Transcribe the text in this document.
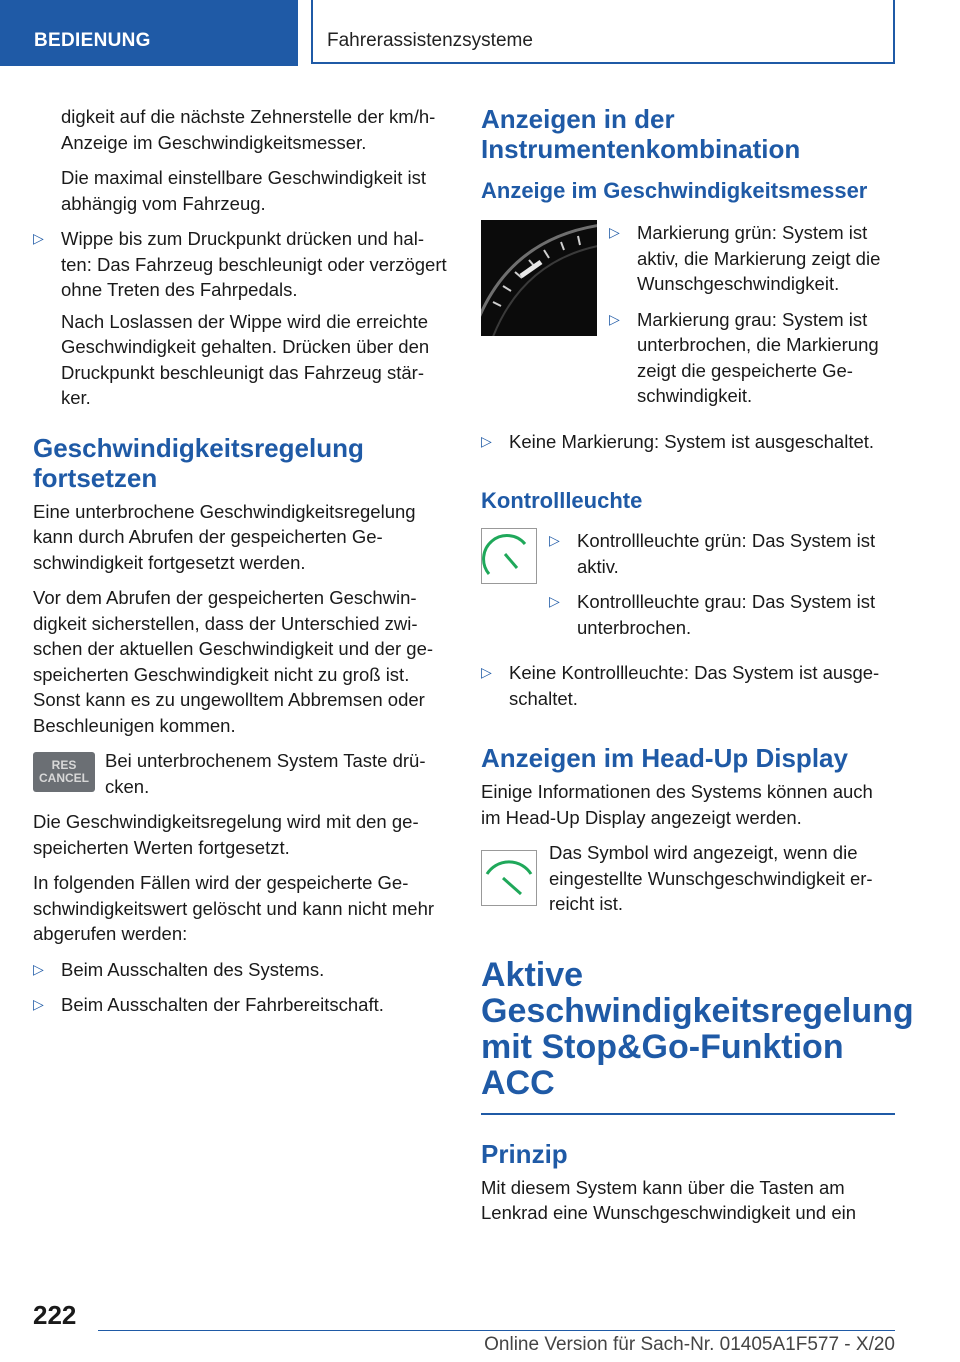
BEDIENUNG	Fahrerassistenzsysteme

digkeit auf die nächste Zehnerstelle der km/h-Anzeige im Geschwindigkeitsmesser.

Die maximal einstellbare Geschwindigkeit ist abhängig vom Fahrzeug.

▷ Wippe bis zum Druckpunkt drücken und halten: Das Fahrzeug beschleunigt oder verzögert ohne Treten des Fahrpedals.

Nach Loslassen der Wippe wird die erreichte Geschwindigkeit gehalten. Drücken über den Druckpunkt beschleunigt das Fahrzeug stärker.

Geschwindigkeitsregelung fortsetzen

Eine unterbrochene Geschwindigkeitsregelung kann durch Abrufen der gespeicherten Geschwindigkeit fortgesetzt werden.

Vor dem Abrufen der gespeicherten Geschwindigkeit sicherstellen, dass der Unterschied zwischen der aktuellen Geschwindigkeit und der gespeicherten Geschwindigkeit nicht zu groß ist. Sonst kann es zu ungewolltem Abbremsen oder Beschleunigen kommen.

RES
CANCEL

Bei unterbrochenem System Taste drücken.

Die Geschwindigkeitsregelung wird mit den gespeicherten Werten fortgesetzt.

In folgenden Fällen wird der gespeicherte Geschwindigkeitswert gelöscht und kann nicht mehr abgerufen werden:

▷ Beim Ausschalten des Systems.
▷ Beim Ausschalten der Fahrbereitschaft.
Anzeigen in der Instrumentenkombination
Anzeige im Geschwindigkeitsmesser
▷ Markierung grün: System ist aktiv, die Markierung zeigt die Wunschgeschwindigkeit.
▷ Markierung grau: System ist unterbrochen, die Markierung zeigt die gespeicherte Geschwindigkeit.
▷ Keine Markierung: System ist ausgeschaltet.
Kontrollleuchte
▷ Kontrollleuchte grün: Das System ist aktiv.
▷ Kontrollleuchte grau: Das System ist unterbrochen.
▷ Keine Kontrollleuchte: Das System ist ausgeschaltet.
Anzeigen im Head-Up Display

Einige Informationen des Systems können auch im Head-Up Display angezeigt werden.

Das Symbol wird angezeigt, wenn die eingestellte Wunschgeschwindigkeit erreicht ist.

Aktive Geschwindigkeitsregelung mit Stop&Go-Funktion ACC
Prinzip

Mit diesem System kann über die Tasten am Lenkrad eine Wunschgeschwindigkeit und ein

222
Online Version für Sach-Nr. 01405A1F577 - X/20
